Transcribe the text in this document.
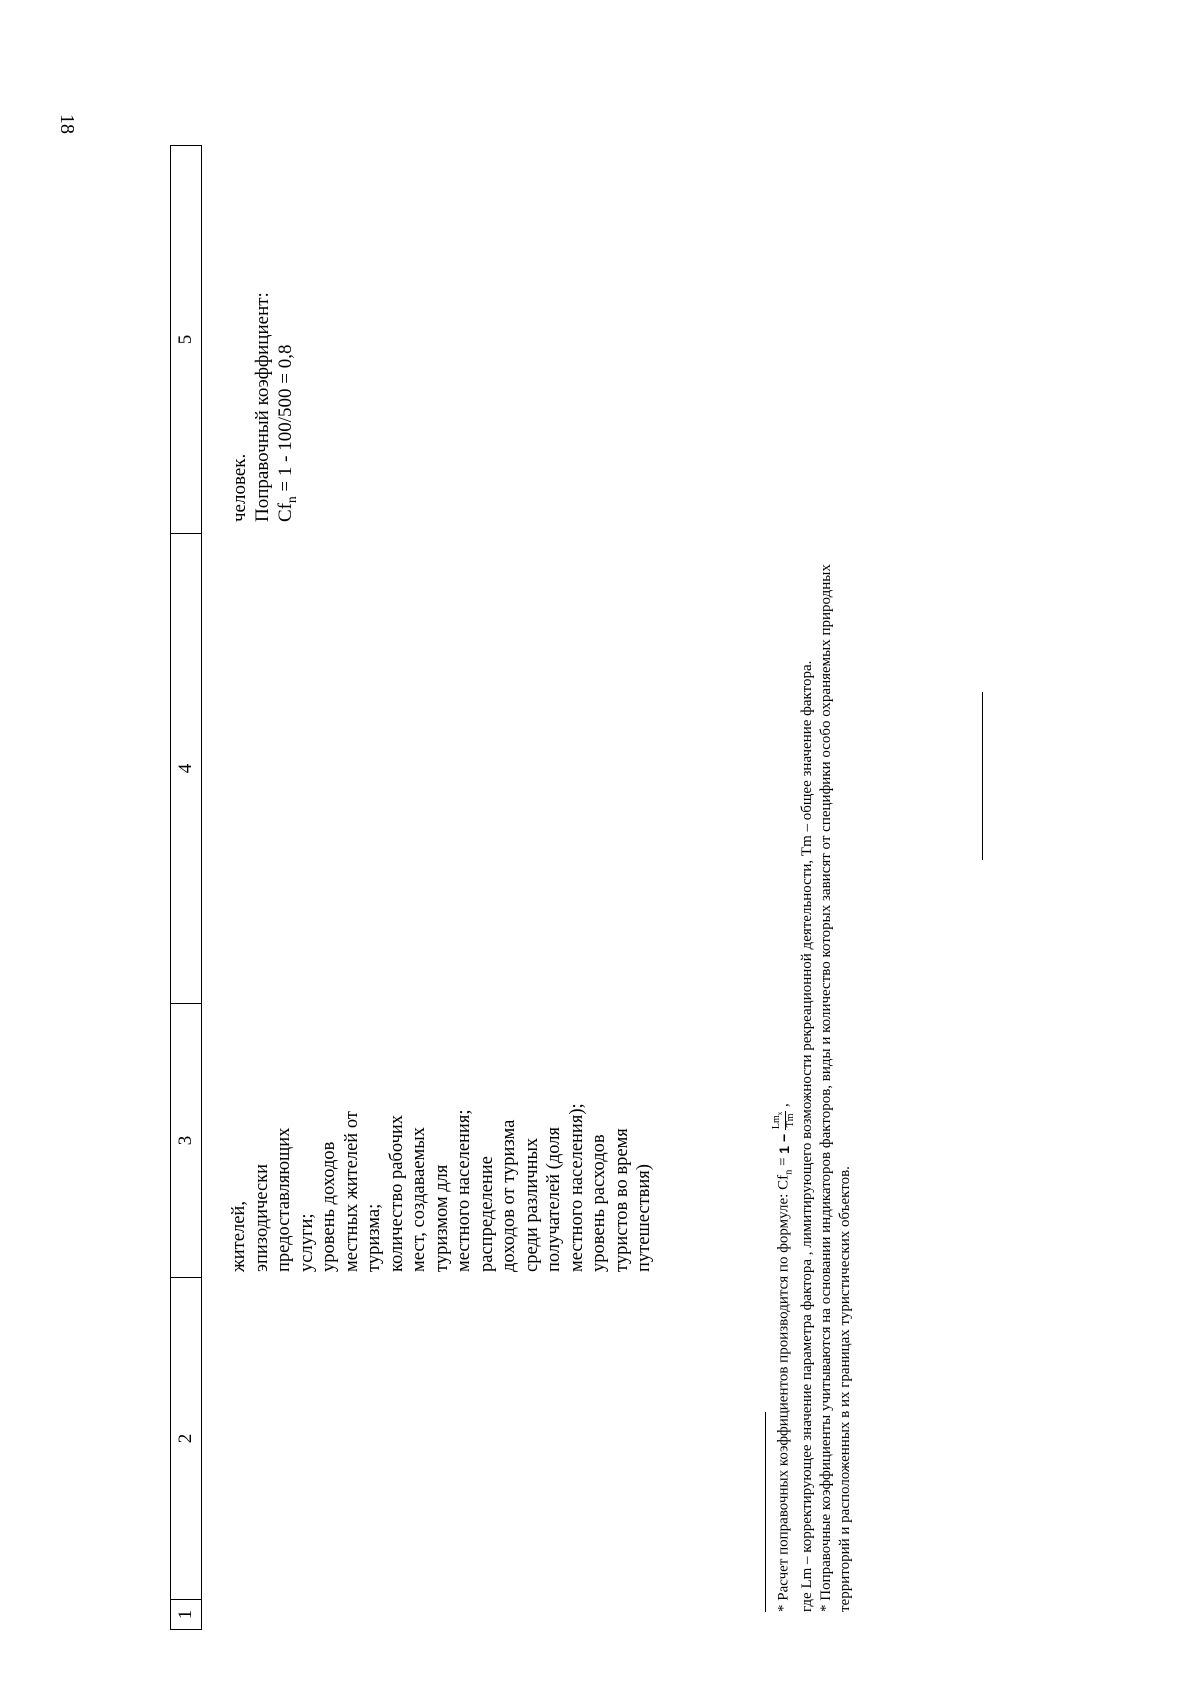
18
1
2
3
4
5
жителей,
эпизодически
предоставляющих
услуги;
уровень доходов
местных жителей от
туризма;
количество рабочих
мест, создаваемых
туризмом для
местного населения;
распределение
доходов от туризма
среди различных
получателей (доля
местного населения);
уровень расходов
туристов во время
путешествия)
человек. Поправочный коэффициент: $Cf_n = 1 - 100/500 = 0,8$

* Расчет поправочных коэффициентов производится по формуле: $Cf_n = 1$ −
$Lm_x$ Tm
, где Lm – корректирующее значение параметра фактора , лимитирующего возможности рекреационной деятельности, Tm – общее значение фактора. * Поправочные коэффициенты учитываются на основании индикаторов факторов, виды и количество которых зависят от специфики особо охраняемых природных территорий и расположенных в их границах туристических объектов.
